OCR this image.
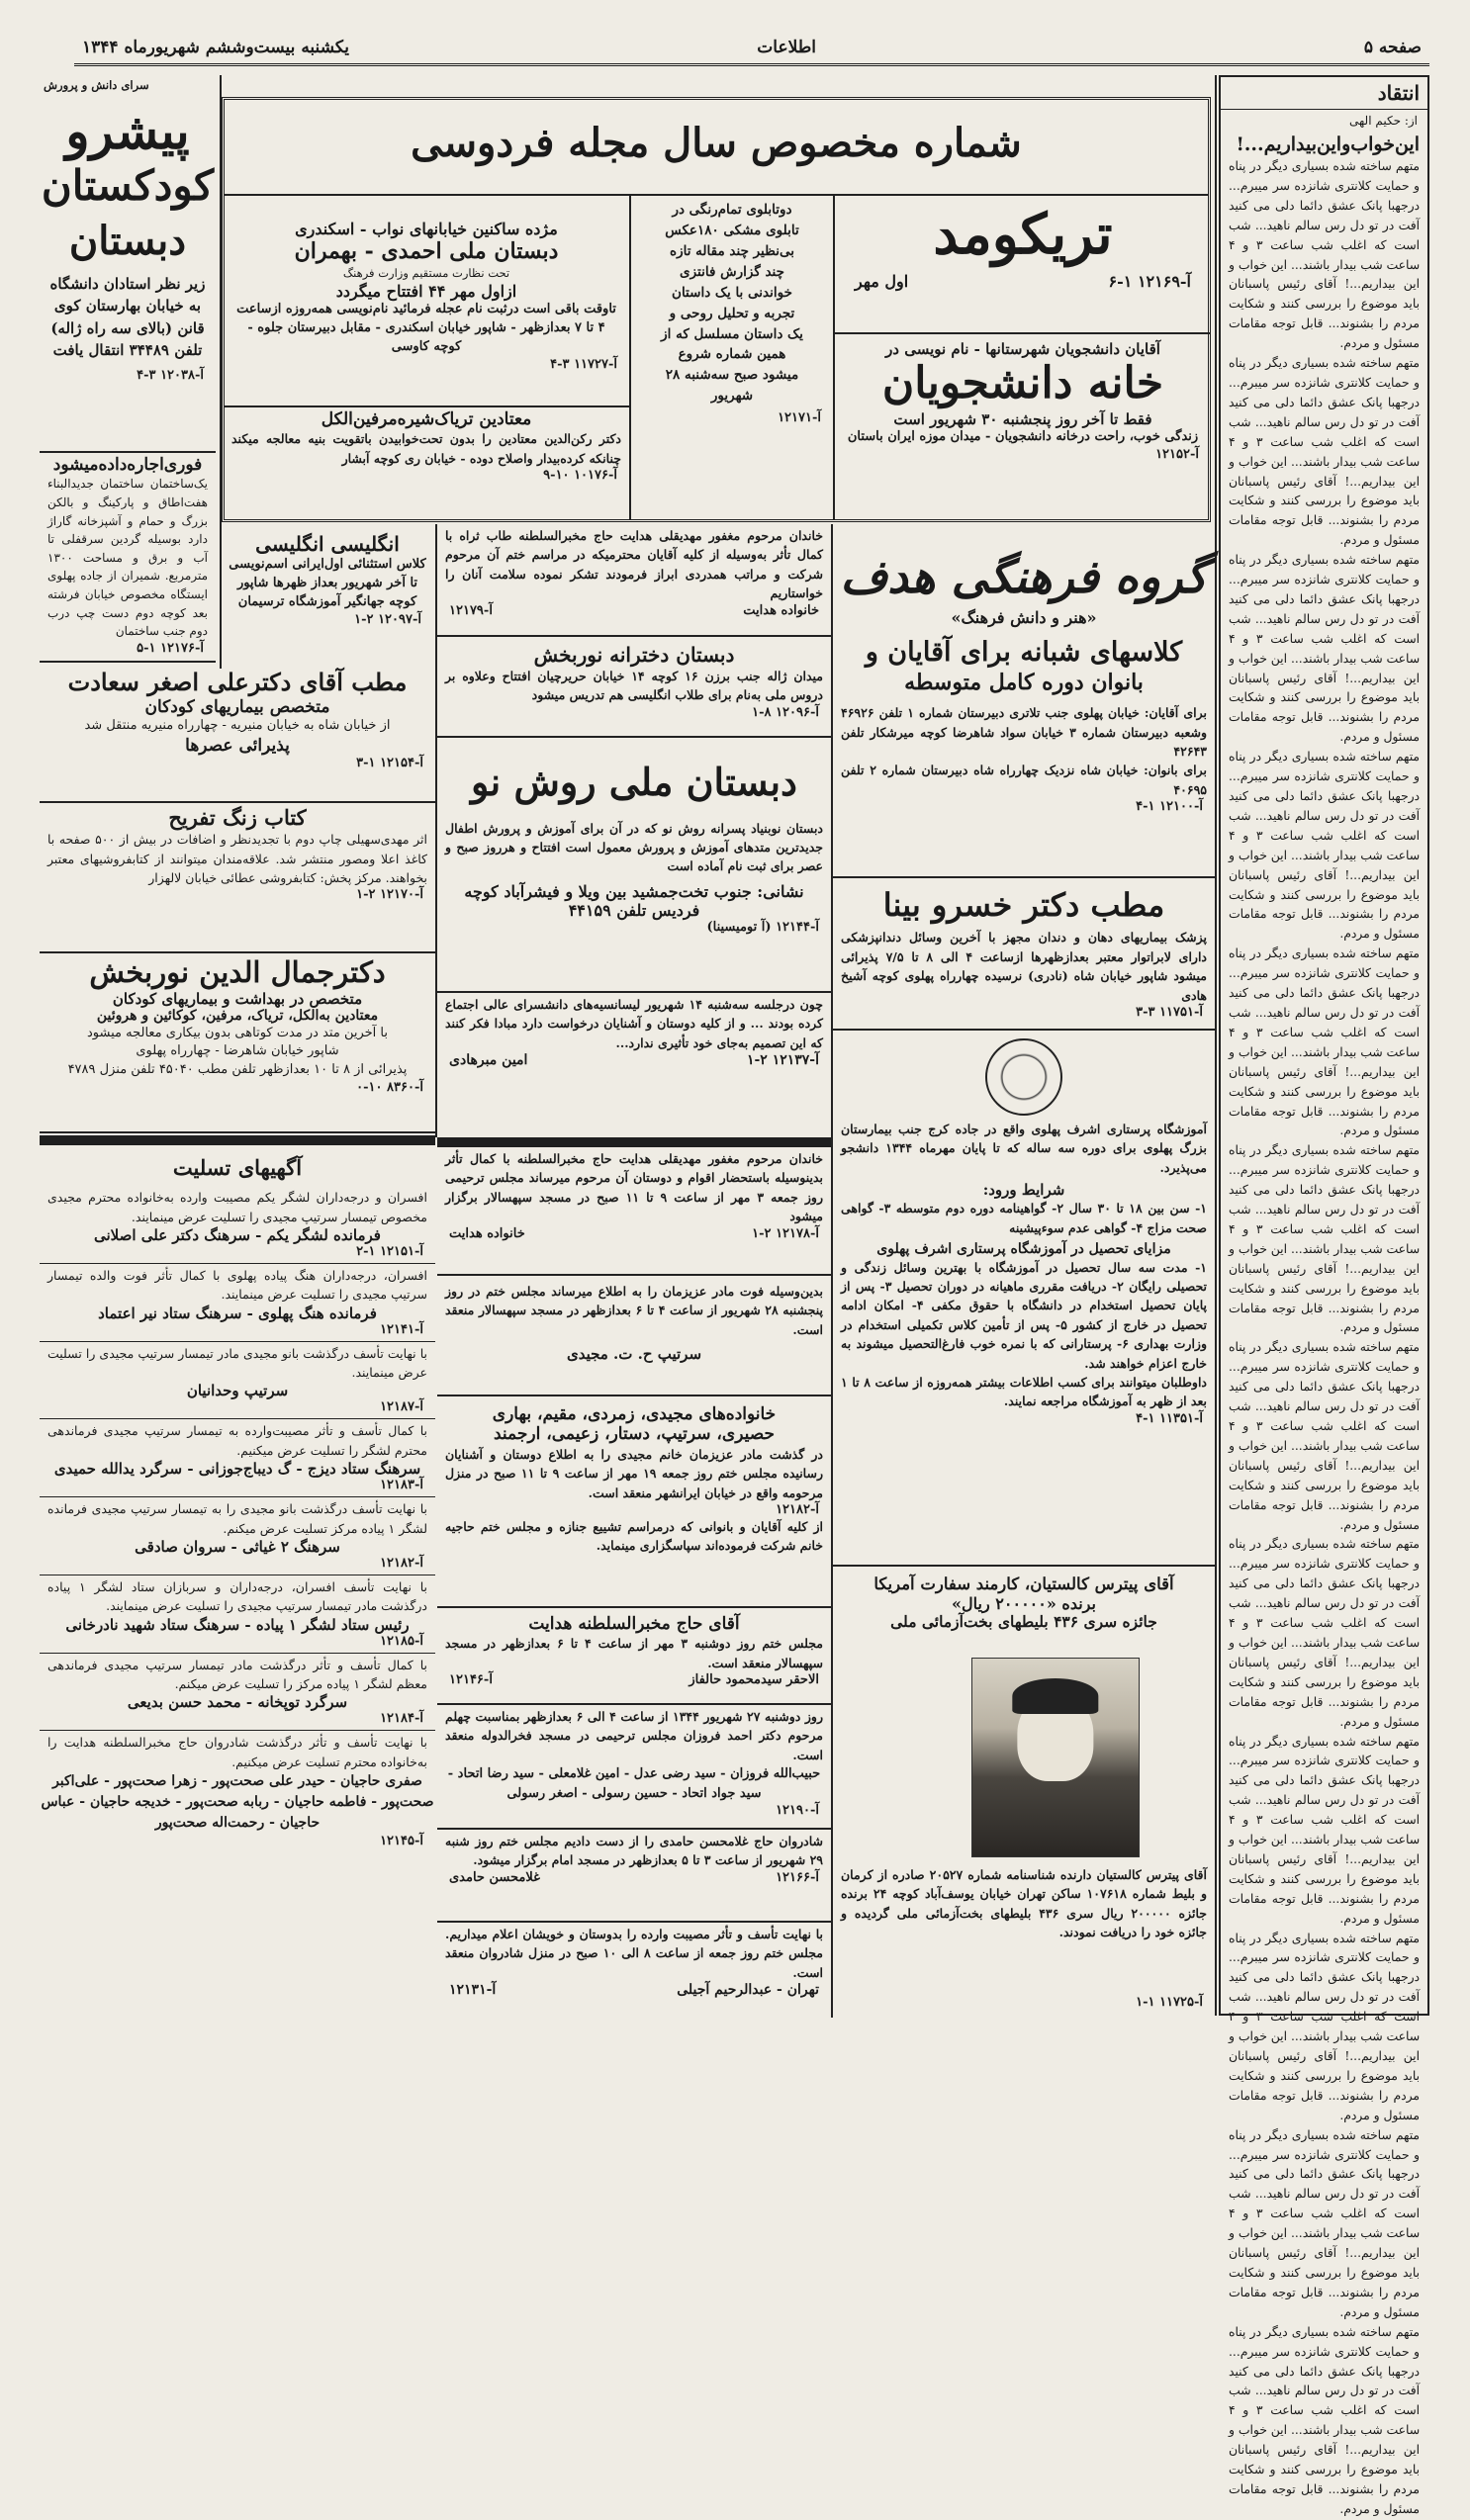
صفحه ۵
اطلاعات
یکشنبه بیست‌وششم شهریورماه ۱۳۴۴
انتقاد
از: حکیم الهی
این‌خواب‌واین‌بیداریم...!
متهم ساخته شده بسیاری دیگر در پناه و حمایت کلانتری شانزده سر میبرم... درجهبا پانک عشق دائما دلی می کنید آفت در تو دل رس سالم ناهید... شب است که اغلب شب ساعت ۳ و ۴ ساعت شب بیدار باشند... این خواب و این بیداریم...! آقای رئیس پاسبانان باید موضوع را بررسی کنند و شکایت مردم را بشنوند... قابل توجه مقامات مسئول و مردم.
متهم ساخته شده بسیاری دیگر در پناه و حمایت کلانتری شانزده سر میبرم... درجهبا پانک عشق دائما دلی می کنید آفت در تو دل رس سالم ناهید... شب است که اغلب شب ساعت ۳ و ۴ ساعت شب بیدار باشند... این خواب و این بیداریم...! آقای رئیس پاسبانان باید موضوع را بررسی کنند و شکایت مردم را بشنوند... قابل توجه مقامات مسئول و مردم.
متهم ساخته شده بسیاری دیگر در پناه و حمایت کلانتری شانزده سر میبرم... درجهبا پانک عشق دائما دلی می کنید آفت در تو دل رس سالم ناهید... شب است که اغلب شب ساعت ۳ و ۴ ساعت شب بیدار باشند... این خواب و این بیداریم...! آقای رئیس پاسبانان باید موضوع را بررسی کنند و شکایت مردم را بشنوند... قابل توجه مقامات مسئول و مردم.
متهم ساخته شده بسیاری دیگر در پناه و حمایت کلانتری شانزده سر میبرم... درجهبا پانک عشق دائما دلی می کنید آفت در تو دل رس سالم ناهید... شب است که اغلب شب ساعت ۳ و ۴ ساعت شب بیدار باشند... این خواب و این بیداریم...! آقای رئیس پاسبانان باید موضوع را بررسی کنند و شکایت مردم را بشنوند... قابل توجه مقامات مسئول و مردم.
متهم ساخته شده بسیاری دیگر در پناه و حمایت کلانتری شانزده سر میبرم... درجهبا پانک عشق دائما دلی می کنید آفت در تو دل رس سالم ناهید... شب است که اغلب شب ساعت ۳ و ۴ ساعت شب بیدار باشند... این خواب و این بیداریم...! آقای رئیس پاسبانان باید موضوع را بررسی کنند و شکایت مردم را بشنوند... قابل توجه مقامات مسئول و مردم.
متهم ساخته شده بسیاری دیگر در پناه و حمایت کلانتری شانزده سر میبرم... درجهبا پانک عشق دائما دلی می کنید آفت در تو دل رس سالم ناهید... شب است که اغلب شب ساعت ۳ و ۴ ساعت شب بیدار باشند... این خواب و این بیداریم...! آقای رئیس پاسبانان باید موضوع را بررسی کنند و شکایت مردم را بشنوند... قابل توجه مقامات مسئول و مردم.
متهم ساخته شده بسیاری دیگر در پناه و حمایت کلانتری شانزده سر میبرم... درجهبا پانک عشق دائما دلی می کنید آفت در تو دل رس سالم ناهید... شب است که اغلب شب ساعت ۳ و ۴ ساعت شب بیدار باشند... این خواب و این بیداریم...! آقای رئیس پاسبانان باید موضوع را بررسی کنند و شکایت مردم را بشنوند... قابل توجه مقامات مسئول و مردم.
متهم ساخته شده بسیاری دیگر در پناه و حمایت کلانتری شانزده سر میبرم... درجهبا پانک عشق دائما دلی می کنید آفت در تو دل رس سالم ناهید... شب است که اغلب شب ساعت ۳ و ۴ ساعت شب بیدار باشند... این خواب و این بیداریم...! آقای رئیس پاسبانان باید موضوع را بررسی کنند و شکایت مردم را بشنوند... قابل توجه مقامات مسئول و مردم.
متهم ساخته شده بسیاری دیگر در پناه و حمایت کلانتری شانزده سر میبرم... درجهبا پانک عشق دائما دلی می کنید آفت در تو دل رس سالم ناهید... شب است که اغلب شب ساعت ۳ و ۴ ساعت شب بیدار باشند... این خواب و این بیداریم...! آقای رئیس پاسبانان باید موضوع را بررسی کنند و شکایت مردم را بشنوند... قابل توجه مقامات مسئول و مردم.
متهم ساخته شده بسیاری دیگر در پناه و حمایت کلانتری شانزده سر میبرم... درجهبا پانک عشق دائما دلی می کنید آفت در تو دل رس سالم ناهید... شب است که اغلب شب ساعت ۳ و ۴ ساعت شب بیدار باشند... این خواب و این بیداریم...! آقای رئیس پاسبانان باید موضوع را بررسی کنند و شکایت مردم را بشنوند... قابل توجه مقامات مسئول و مردم.
متهم ساخته شده بسیاری دیگر در پناه و حمایت کلانتری شانزده سر میبرم... درجهبا پانک عشق دائما دلی می کنید آفت در تو دل رس سالم ناهید... شب است که اغلب شب ساعت ۳ و ۴ ساعت شب بیدار باشند... این خواب و این بیداریم...! آقای رئیس پاسبانان باید موضوع را بررسی کنند و شکایت مردم را بشنوند... قابل توجه مقامات مسئول و مردم.
متهم ساخته شده بسیاری دیگر در پناه و حمایت کلانتری شانزده سر میبرم... درجهبا پانک عشق دائما دلی می کنید آفت در تو دل رس سالم ناهید... شب است که اغلب شب ساعت ۳ و ۴ ساعت شب بیدار باشند... این خواب و این بیداریم...! آقای رئیس پاسبانان باید موضوع را بررسی کنند و شکایت مردم را بشنوند... قابل توجه مقامات مسئول و مردم.
سرای دانش و پرورش
پیشرو
کودکستان
دبستان
زیر نظر استادان دانشگاه به خیابان بهارستان کوی قانن (بالای سه راه ژاله) تلفن ۳۴۴۸۹ انتقال یافت
آ-۱۲۰۳۸ ۳-۴
فوری‌اجاره‌داده‌میشود
یک‌ساختمان ساختمان جدیدالبناء هفت‌اطاق و پارکینگ و بالکن بزرگ و حمام و آشپزخانه گاراژ دارد بوسیله گردین سرقفلی تا آب و برق و مساحت ۱۳۰۰ مترمربع. شمیران از جاده پهلوی ایستگاه مخصوص خیابان فرشته بعد کوچه دوم دست چپ درب دوم جنب ساختمان
آ-۱۲۱۷۶ ۱-۵
مطب آقای دکترعلی اصغر سعادت
متخصص بیماریهای کودکان
از خیابان شاه به خیابان منیریه - چهارراه منیریه منتقل شد
پذیرائی عصرها
آ-۱۲۱۵۴ ۱-۳
کتاب زنگ تفریح
اثر مهدی‌سهیلی چاپ دوم با تجدیدنظر و اضافات در بیش از ۵۰۰ صفحه با کاغذ اعلا ومصور منتشر شد. علاقه‌مندان میتوانند از کتابفروشیهای معتبر بخواهند. مرکز پخش: کتابفروشی عطائی خیابان لالهزار
آ-۱۲۱۷۰ ۲-۱
دکترجمال الدین نوربخش
متخصص در بهداشت و بیماریهای کودکان
معتادین به‌الکل، تریاک، مرفین، کوکائین و هروئین
با آخرین متد در مدت کوتاهی بدون بیکاری معالجه میشود
شاپور خیابان شاهرضا - چهارراه پهلوی
پذیرائی از ۸ تا ۱۰ بعدازظهر تلفن مطب ۴۵۰۴۰ تلفن منزل ۴۷۸۹
آ-۸۳۶۰ ۱۰-۰
آگهیهای تسلیت
افسران و درجه‌داران لشگر یکم مصیبت وارده به‌خانواده محترم مجیدی مخصوص تیمسار سرتیپ مجیدی را تسلیت عرض مینمایند.
فرمانده لشگر یکم - سرهنگ دکتر علی اصلانی
آ-۱۲۱۵۱ ۱-۲
افسران، درجه‌داران هنگ پیاده پهلوی با کمال تأثر فوت والده تیمسار سرتیپ مجیدی را تسلیت عرض مینمایند.
فرمانده هنگ پهلوی - سرهنگ ستاد نیر اعتماد
آ-۱۲۱۴۱
با نهایت تأسف درگذشت بانو مجیدی مادر تیمسار سرتیپ مجیدی را تسلیت عرض مینمایند.
سرتیپ وحدانیان
آ-۱۲۱۸۷
با کمال تأسف و تأثر مصیبت‌وارده به تیمسار سرتیپ مجیدی فرماندهی محترم لشگر را تسلیت عرض میکنیم.
سرهنگ ستاد دیزج - گ‌ دیباج‌جوزانی - سرگرد یدالله حمیدی
آ-۱۲۱۸۳
با نهایت تأسف درگذشت بانو مجیدی را به تیمسار سرتیپ مجیدی فرمانده لشگر ۱ پیاده مرکز تسلیت عرض میکنم.
سرهنگ ۲ غیاثی - سروان صادقی
آ-۱۲۱۸۲
با نهایت تأسف افسران، درجه‌داران و سربازان ستاد لشگر ۱ پیاده درگذشت مادر تیمسار سرتیپ مجیدی را تسلیت عرض مینمایند.
رئیس ستاد لشگر ۱ پیاده - سرهنگ ستاد شهید نادرخانی
آ-۱۲۱۸۵
با کمال تأسف و تأثر درگذشت مادر تیمسار سرتیپ مجیدی فرماندهی معظم لشگر ۱ پیاده مرکز را تسلیت عرض میکنم.
سرگرد توپخانه - محمد حسن بدیعی
آ-۱۲۱۸۴
با نهایت تأسف و تأثر درگذشت شادروان حاج مخبرالسلطنه هدایت را به‌خانواده محترم تسلیت عرض میکنیم.
صفری حاجیان - حیدر علی صحت‌پور - زهرا صحت‌پور - علی‌اکبر صحت‌پور - فاطمه حاجیان - ربابه صحت‌پور - خدیجه حاجیان - عباس حاجیان - رحمت‌اله صحت‌پور
آ-۱۲۱۴۵
شماره مخصوص سال مجله فردوسی
تریکومد
آ-۱۲۱۶۹ ۱-۶
اول مهر
آقایان دانشجویان شهرستانها - نام نویسی در
خانه دانشجویان
فقط تا آخر روز پنجشنبه ۳۰ شهریور است
زندگی خوب، راحت درخانه دانشجویان - میدان موزه ایران باستان
آ-۱۲۱۵۲
دوتابلوی تمام‌رنگی در تابلوی مشکی ۱۸۰عکس بی‌نظیر چند مقاله تازه چند گزارش فانتزی خواندنی با یک داستان تجربه و تحلیل روحی و یک داستان مسلسل که از همین شماره شروع میشود صبح سه‌شنبه ۲۸ شهریور
آ-۱۲۱۷۱
مژده ساکنین خیابانهای نواب - اسکندری
دبستان ملی احمدی - بهمران
تحت نظارت مستقیم وزارت فرهنگ
ازاول مهر ۴۴ افتتاح میگردد
تاوقت باقی است درثبت نام عجله فرمائید نام‌نویسی همه‌روزه ازساعت ۴ تا ۷ بعدازظهر - شاپور خیابان اسکندری - مقابل دبیرستان جلوه - کوچه کاوسی
آ-۱۱۷۲۷ ۳-۴
معتادین تریاک‌شیره‌مرفین‌الکل
دکتر رکن‌الدین معتادین را بدون تحت‌خوابیدن باتقویت بنیه معالجه میکند چنانکه کرده‌بیدار واصلاح دوده - خیابان ری کوچه آبشار
آ-۱۰۱۷۶ ۱۰-۹
انگلیسی انگلیسی
کلاس استثنائی اول‌ایرانی اسم‌نویسی تا آخر شهریور بعداز ظهرها شاپور کوچه جهانگیر آموزشگاه ترسیمان
آ-۱۲۰۹۷ ۲-۱
خاندان مرحوم مغفور مهدیقلی هدایت حاج مخبرالسلطنه طاب ثراه با کمال تأثر به‌وسیله از کلیه آقایان محترمیکه در مراسم ختم آن مرحوم شرکت و مراتب همدردی ابراز فرمودند تشکر نموده سلامت آنان را خواستاریم
خانواده هدایت
آ-۱۲۱۷۹
دبستان دخترانه نوربخش
میدان ژاله جنب برزن ۱۶ کوچه ۱۴ خیابان حریرچیان افتتاح وعلاوه بر دروس ملی به‌نام برای طلاب انگلیسی هم تدریس میشود
آ-۱۲۰۹۶ ۸-۱
دبستان ملی روش نو
دبستان نوبنیاد پسرانه روش نو که در آن برای آموزش و پرورش اطفال جدیدترین متدهای آموزش و پرورش معمول است افتتاح و هرروز صبح و عصر برای ثبت نام آماده است
نشانی: جنوب تخت‌جمشید بین ویلا و فیشرآباد کوچه فردیس تلفن ۴۴۱۵۹
آ-۱۲۱۴۴ (آ تومیسینا)
چون درجلسه سه‌شنبه ۱۴ شهریور لیسانسیه‌های دانشسرای عالی اجتماع کرده بودند ... و از کلیه دوستان و آشنایان درخواست دارد مبادا فکر کنند که این تصمیم به‌جای خود تأثیری ندارد...
آ-۱۲۱۳۷ ۲-۱
امین مبرهادی
خاندان مرحوم مغفور مهدیقلی هدایت حاج مخبرالسلطنه با کمال تأثر بدینوسیله باستحضار اقوام و دوستان آن مرحوم میرساند مجلس ترحیمی روز جمعه ۳ مهر از ساعت ۹ تا ۱۱ صبح در مسجد سپهسالار برگزار میشود
آ-۱۲۱۷۸ ۲-۱
خانواده هدایت
بدین‌وسیله فوت مادر عزیزمان را به اطلاع میرساند مجلس ختم در روز پنجشنبه ۲۸ شهریور از ساعت ۴ تا ۶ بعدازظهر در مسجد سپهسالار منعقد است.
سرتیپ ح. ت. مجیدی
خانواده‌های مجیدی، زمردی، مقیم، بهاری
حصیری، سرتیپ، دستار، زعیمی، ارجمند
در گذشت مادر عزیزمان خانم مجیدی را به اطلاع دوستان و آشنایان رسانیده مجلس ختم روز جمعه ۱۹ مهر از ساعت ۹ تا ۱۱ صبح در منزل مرحومه واقع در خیابان ایرانشهر منعقد است.
آ-۱۲۱۸۲
از کلیه آقایان و بانوانی که درمراسم تشییع جنازه و مجلس ختم حاجیه خانم شرکت فرموده‌اند سپاسگزاری مینماید.
آقای حاج مخبرالسلطنه هدایت
مجلس ختم روز دوشنبه ۳ مهر از ساعت ۴ تا ۶ بعدازظهر در مسجد سپهسالار منعقد است.
الاحقر سیدمحمود حالفاز
آ-۱۲۱۴۶
روز دوشنبه ۲۷ شهریور ۱۳۴۴ از ساعت ۴ الی ۶ بعدازظهر بمناسبت چهلم مرحوم دکتر احمد فروزان مجلس ترحیمی در مسجد فخرالدوله منعقد است.
حبیب‌الله فروزان - سید رضی عدل - امین غلامعلی - سید رضا اتحاد - سید جواد اتحاد - حسین رسولی - اصغر رسولی
آ-۱۲۱۹۰
شادروان حاج غلامحسن حامدی را از دست دادیم مجلس ختم روز شنبه ۲۹ شهریور از ساعت ۳ تا ۵ بعدازظهر در مسجد امام برگزار میشود.
آ-۱۲۱۶۶
غلامحسن حامدی
با نهایت تأسف و تأثر مصیبت وارده را بدوستان و خویشان اعلام میداریم. مجلس ختم روز جمعه از ساعت ۸ الی ۱۰ صبح در منزل شادروان منعقد است.
تهران - عبدالرحیم آجیلی
آ-۱۲۱۳۱
گروه فرهنگی هدف
«هنر و دانش فرهنگ»
کلاسهای شبانه برای آقایان و
بانوان دوره کامل متوسطه
برای آقایان: خیابان پهلوی جنب تلاتری دبیرستان شماره ۱ تلفن ۴۶۹۲۶ وشعبه دبیرستان شماره ۳ خیابان سواد شاهرضا کوچه میرشکار تلفن ۴۲۶۴۳
برای بانوان: خیابان شاه نزدیک چهارراه شاه دبیرستان شماره ۲ تلفن ۴۰۶۹۵
آ-۱۲۱۰۰ ۱-۴
مطب دکتر خسرو بینا
پزشک بیماریهای دهان و دندان مجهز با آخرین وسائل دندانپزشکی دارای لابراتوار معتبر بعدازظهرها ازساعت ۴ الی ۸ تا ۷/۵ پذیرائی میشود شاپور خیابان شاه (نادری) نرسیده چهارراه پهلوی کوچه آشیخ هادی
آ-۱۱۷۵۱ ۳-۳
آموزشگاه پرستاری اشرف پهلوی واقع در جاده کرج جنب بیمارستان بزرگ پهلوی برای دوره سه ساله که تا پایان مهرماه ۱۳۴۴ دانشجو می‌پذیرد.
شرایط ورود:
۱- سن بین ۱۸ تا ۳۰ سال ۲- گواهینامه دوره دوم متوسطه ۳- گواهی صحت مزاج ۴- گواهی عدم سوءپیشینه
مزایای تحصیل در آموزشگاه پرستاری اشرف پهلوی
۱- مدت سه سال تحصیل در آموزشگاه با بهترین وسائل زندگی و تحصیلی رایگان ۲- دریافت مقرری ماهیانه در دوران تحصیل ۳- پس از پایان تحصیل استخدام در دانشگاه با حقوق مکفی ۴- امکان ادامه تحصیل در خارج از کشور ۵- پس از تأمین کلاس تکمیلی استخدام در وزارت بهداری ۶- پرستارانی که با نمره خوب فارغ‌التحصیل میشوند به خارج اعزام خواهند شد.
داوطلبان میتوانند برای کسب اطلاعات بیشتر همه‌روزه از ساعت ۸ تا ۱ بعد از ظهر به آموزشگاه مراجعه نمایند.
آ-۱۱۳۵۱ ۱-۴
آقای پیترس کالستیان، کارمند سفارت آمریکا
برنده «۲۰۰۰۰۰ ریال»
جائزه سری ۴۳۶ بلیطهای بخت‌آزمائی ملی
آقای پیترس کالستیان دارنده شناسنامه شماره ۲۰۵۲۷ صادره از کرمان و بلیط شماره ۱۰۷۶۱۸ ساکن تهران خیابان یوسف‌آباد کوچه ۲۴ برنده جائزه ۲۰۰۰۰۰ ریال سری ۴۳۶ بلیطهای بخت‌آزمائی ملی گردیده و جائزه خود را دریافت نمودند.
آ-۱۱۷۲۵ ۱-۱
